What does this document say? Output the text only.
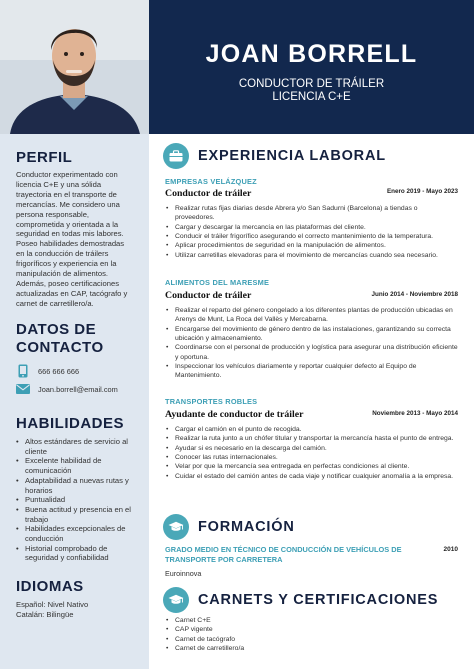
PERFIL
Conductor experimentado con licencia C+E y una sólida trayectoria en el transporte de mercancías. Me considero una persona responsable, comprometida y orientada a la seguridad en todas mis labores. Poseo habilidades demostradas en la conducción de tráilers frigoríficos y experiencia en la manipulación de alimentos. Además, poseo certificaciones actualizadas en CAP, tacógrafo y carnet de carretillero/a.
DATOS DE
CONTACTO
666 666 666
Joan.borrell@email.com
HABILIDADES
• Altos estándares de servicio al cliente
• Excelente habilidad de comunicación
• Adaptabilidad a nuevas rutas y horarios
• Puntualidad
• Buena actitud y presencia en el trabajo
• Habilidades excepcionales de conducción
• Historial comprobado de seguridad y confiabilidad
IDIOMAS
Español: Nivel Nativo
Catalán: Bilingüe
JOAN BORRELL
CONDUCTOR DE TRÁILER
LICENCIA C+E
EXPERIENCIA LABORAL
EMPRESAS VELÁZQUEZ
Conductor de tráiler	Enero 2019 - Mayo 2023
• Realizar rutas fijas diarias desde Abrera y/o San Sadurni (Barcelona) a tiendas o proveedores.
• Cargar y descargar la mercancía en las plataformas del cliente.
• Conducir el tráiler frigorífico asegurando el correcto mantenimiento de la temperatura.
• Aplicar procedimientos de seguridad en la manipulación de alimentos.
• Utilizar carretillas elevadoras para el movimiento de mercancías cuando sea necesario.
ALIMENTOS DEL MARESME
Conductor de tráiler	Junio 2014 - Noviembre 2018
• Realizar el reparto del género congelado a los diferentes plantas de producción ubicadas en Arenys de Munt, La Roca del Vallès y Mercabarna.
• Encargarse del movimiento de género dentro de las instalaciones, garantizando su correcta ubicación y almacenamiento.
• Coordinarse con el personal de producción y logística para asegurar una distribución eficiente y oportuna.
• Inspeccionar los vehículos diariamente y reportar cualquier defecto al Equipo de Mantenimiento.
TRANSPORTES ROBLES
Ayudante de conductor de tráiler	Noviembre 2013 - Mayo 2014
• Cargar el camión en el punto de recogida.
• Realizar la ruta junto a un chófer titular y transportar la mercancía hasta el punto de entrega.
• Ayudar si es necesario en la descarga del camión.
• Conocer las rutas internacionales.
• Velar por que la mercancía sea entregada en perfectas condiciones al cliente.
• Cuidar el estado del camión antes de cada viaje y notificar cualquier anomalía a la empresa.
FORMACIÓN
GRADO MEDIO EN TÉCNICO DE CONDUCCIÓN DE VEHÍCULOS DE TRANSPORTE POR CARRETERA
2010
Euroinnova
CARNETS Y CERTIFICACIONES
• Carnet C+E
• CAP vigente
• Carnet de tacógrafo
• Carnet de carretillero/a
